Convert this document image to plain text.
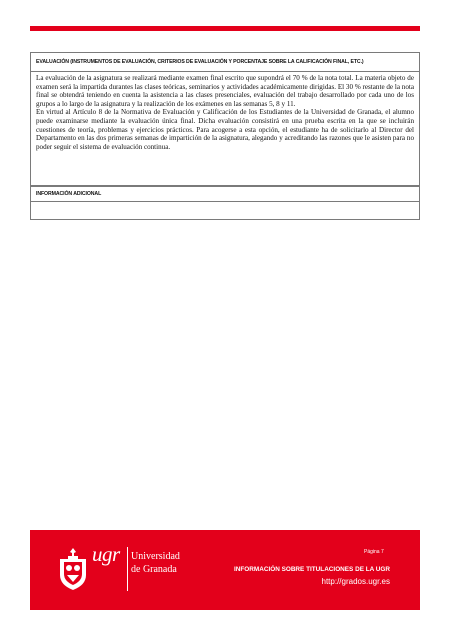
EVALUACIÓN (INSTRUMENTOS DE EVALUACIÓN, CRITERIOS DE EVALUACIÓN Y PORCENTAJE SOBRE LA CALIFICACIÓN FINAL, ETC.)

La evaluación de la asignatura se realizará mediante examen final escrito que supondrá el 70 % de la nota total. La materia objeto de examen será la impartida durantes las clases teóricas, seminarios y actividades académicamente dirigidas. El 30 % restante de la nota final se obtendrá teniendo en cuenta la asistencia a las clases presenciales, evaluación del trabajo desarrollado por cada uno de los grupos a lo largo de la asignatura y la realización de los exámenes en las semanas 5, 8 y 11.

En virtud al Artículo 8 de la Normativa de Evaluación y Calificación de los Estudiantes de la Universidad de Granada, el alumno puede examinarse mediante la evaluación única final. Dicha evaluación consistirá en una prueba escrita en la que se incluirán cuestiones de teoría, problemas y ejercicios prácticos. Para acogerse a esta opción, el estudiante ha de solicitarlo al Director del Departamento en las dos primeras semanas de impartición de la asignatura, alegando y acreditando las razones que le asisten para no poder seguir el sistema de evaluación continua.

INFORMACIÓN ADICIONAL
ugr Universidad
de Granada
Página 7
INFORMACIÓN SOBRE TITULACIONES DE LA UGR
http://grados.ugr.es
